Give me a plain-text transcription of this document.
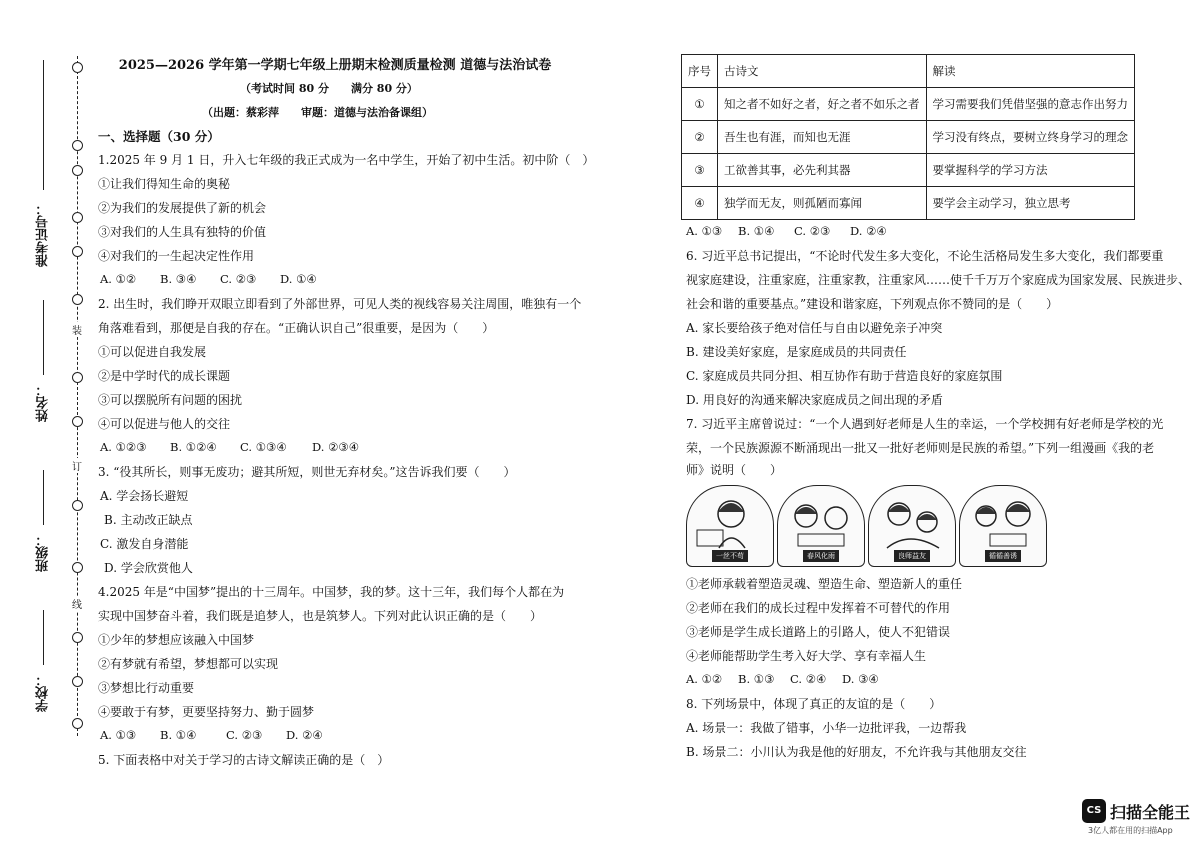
装
订
线
准考证号：
姓名：
班级：
学校：
2025—2026 学年第一学期七年级上册期末检测质量检测 道德与法治试卷
（考试时间 80 分　　满分 80 分）
（出题：蔡彩萍　　审题：道德与法治备课组）
一、选择题（30 分）
1.2025 年 9 月 1 日，升入七年级的我正式成为一名中学生，开始了初中生活。初中阶（　）
①让我们得知生命的奥秘
②为我们的发展提供了新的机会
③对我们的人生具有独特的价值
④对我们的一生起决定性作用
A. ①② B. ③④ C. ②③ D. ①④
2. 出生时，我们睁开双眼立即看到了外部世界，可见人类的视线容易关注周围，唯独有一个
角落难看到，那便是自我的存在。“正确认识自己”很重要，是因为（　　）
①可以促进自我发展
②是中学时代的成长课题
③可以摆脱所有问题的困扰
④可以促进与他人的交往
A. ①②③ B. ①②④ C. ①③④ D. ②③④
3. “役其所长，则事无废功；避其所短，则世无弃材矣。”这告诉我们要（　　）
A. 学会扬长避短
B. 主动改正缺点
C. 激发自身潜能
D. 学会欣赏他人
4.2025 年是“中国梦”提出的十三周年。中国梦，我的梦。这十三年，我们每个人都在为
实现中国梦奋斗着，我们既是追梦人，也是筑梦人。下列对此认识正确的是（　　）
①少年的梦想应该融入中国梦
②有梦就有希望，梦想都可以实现
③梦想比行动重要
④要敢于有梦，更要坚持努力、勤于圆梦
A. ①③ B. ①④	C. ②③ D. ②④
5. 下面表格中对关于学习的古诗文解读正确的是（　）
序号	古诗文	解读
①	知之者不如好之者，好之者不如乐之者	学习需要我们凭借坚强的意志作出努力
②	吾生也有涯，而知也无涯	学习没有终点，要树立终身学习的理念
③	工欲善其事，必先利其器	要掌握科学的学习方法
④	独学而无友，则孤陋而寡闻	要学会主动学习，独立思考
A. ①③ B. ①④ C. ②③ D. ②④
6. 习近平总书记提出，“不论时代发生多大变化，不论生活格局发生多大变化，我们都要重
视家庭建设，注重家庭，注重家教，注重家风……使千千万万个家庭成为国家发展、民族进步、
社会和谐的重要基点。”建设和谐家庭，下列观点你不赞同的是（　　）
A. 家长要给孩子绝对信任与自由以避免亲子冲突
B. 建设美好家庭，是家庭成员的共同责任
C. 家庭成员共同分担、相互协作有助于营造良好的家庭氛围
D. 用良好的沟通来解决家庭成员之间出现的矛盾
7. 习近平主席曾说过：“一个人遇到好老师是人生的幸运，一个学校拥有好老师是学校的光
荣，一个民族源源不断涌现出一批又一批好老师则是民族的希望。”下列一组漫画《我的老
师》说明（　　）
一丝不苟	春风化雨	良师益友	循循善诱
①老师承载着塑造灵魂、塑造生命、塑造新人的重任
②老师在我们的成长过程中发挥着不可替代的作用
③老师是学生成长道路上的引路人，使人不犯错误
④老师能帮助学生考入好大学、享有幸福人生
A. ①② B. ①③ C. ②④ D. ③④
8. 下列场景中，体现了真正的友谊的是（　　）
A. 场景一：我做了错事，小华一边批评我，一边帮我
B. 场景二：小川认为我是他的好朋友，不允许我与其他朋友交往
CS 扫描全能王
3亿人都在用的扫描App
